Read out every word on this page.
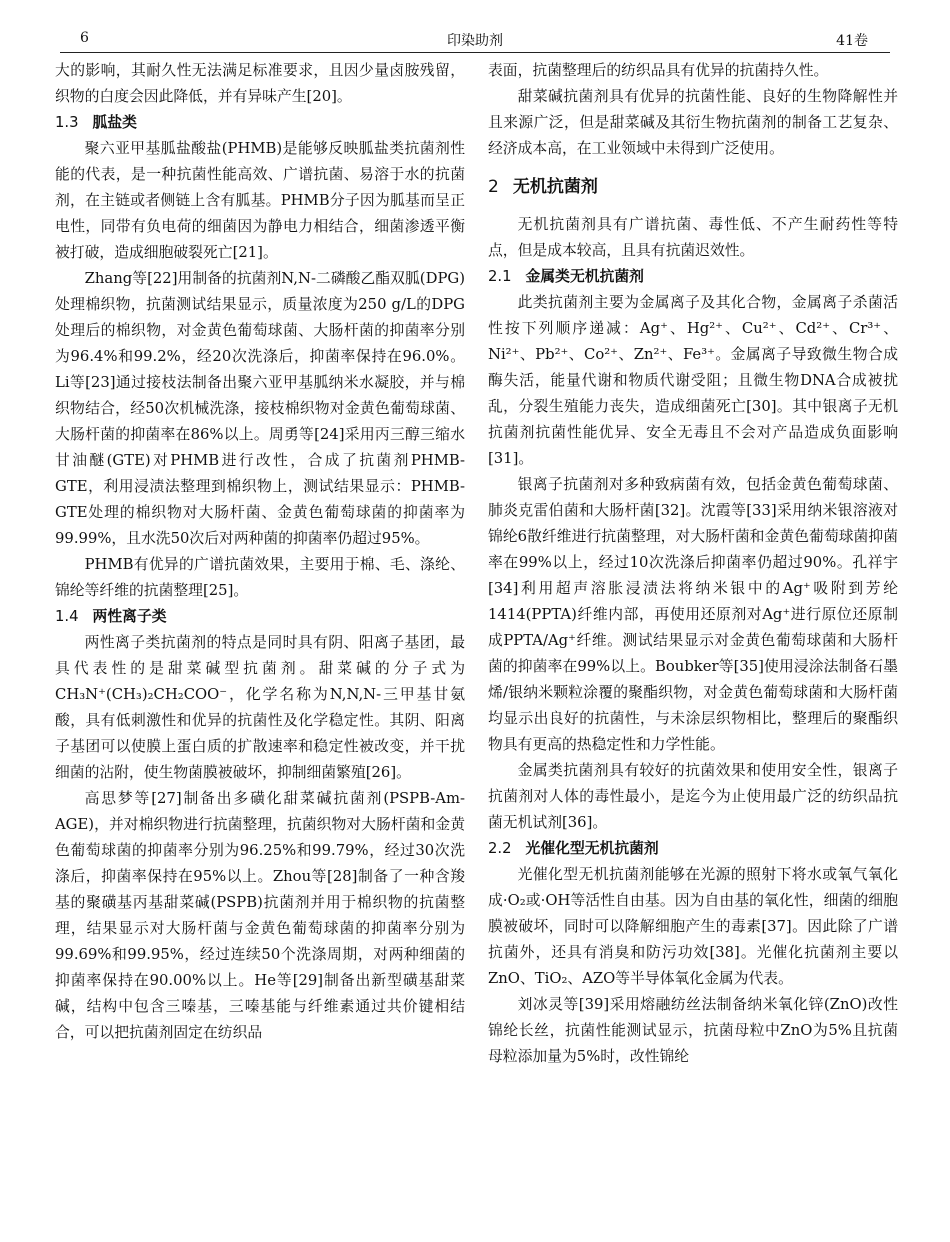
6	印染助剂	41卷

大的影响，其耐久性无法满足标准要求，且因少量卤胺残留，织物的白度会因此降低，并有异味产生[20]。

1.3 胍盐类

聚六亚甲基胍盐酸盐(PHMB)是能够反映胍盐类抗菌剂性能的代表，是一种抗菌性能高效、广谱抗菌、易溶于水的抗菌剂，在主链或者侧链上含有胍基。PHMB分子因为胍基而呈正电性，同带有负电荷的细菌因为静电力相结合，细菌渗透平衡被打破，造成细胞破裂死亡[21]。

Zhang等[22]用制备的抗菌剂N,N-二磷酸乙酯双胍(DPG)处理棉织物，抗菌测试结果显示，质量浓度为250 g/L的DPG处理后的棉织物，对金黄色葡萄球菌、大肠杆菌的抑菌率分别为96.4%和99.2%，经20次洗涤后，抑菌率保持在96.0%。Li等[23]通过接枝法制备出聚六亚甲基胍纳米水凝胶，并与棉织物结合，经50次机械洗涤，接枝棉织物对金黄色葡萄球菌、大肠杆菌的抑菌率在86%以上。周勇等[24]采用丙三醇三缩水甘油醚(GTE)对PHMB进行改性，合成了抗菌剂PHMB-GTE，利用浸渍法整理到棉织物上，测试结果显示：PHMB-GTE处理的棉织物对大肠杆菌、金黄色葡萄球菌的抑菌率为99.99%，且水洗50次后对两种菌的抑菌率仍超过95%。

PHMB有优异的广谱抗菌效果，主要用于棉、毛、涤纶、锦纶等纤维的抗菌整理[25]。

1.4 两性离子类

两性离子类抗菌剂的特点是同时具有阴、阳离子基团，最具代表性的是甜菜碱型抗菌剂。甜菜碱的分子式为CH₃N⁺(CH₃)₂CH₂COO⁻，化学名称为N,N,N-三甲基甘氨酸，具有低刺激性和优异的抗菌性及化学稳定性。其阴、阳离子基团可以使膜上蛋白质的扩散速率和稳定性被改变，并干扰细菌的沾附，使生物菌膜被破坏，抑制细菌繁殖[26]。

高思梦等[27]制备出多磺化甜菜碱抗菌剂(PSPB-Am-AGE)，并对棉织物进行抗菌整理，抗菌织物对大肠杆菌和金黄色葡萄球菌的抑菌率分别为96.25%和99.79%，经过30次洗涤后，抑菌率保持在95%以上。Zhou等[28]制备了一种含羧基的聚磺基丙基甜菜碱(PSPB)抗菌剂并用于棉织物的抗菌整理，结果显示对大肠杆菌与金黄色葡萄球菌的抑菌率分别为99.69%和99.95%，经过连续50个洗涤周期，对两种细菌的抑菌率保持在90.00%以上。He等[29]制备出新型磺基甜菜碱，结构中包含三嗪基，三嗪基能与纤维素通过共价键相结合，可以把抗菌剂固定在纺织品

表面，抗菌整理后的纺织品具有优异的抗菌持久性。

甜菜碱抗菌剂具有优异的抗菌性能、良好的生物降解性并且来源广泛，但是甜菜碱及其衍生物抗菌剂的制备工艺复杂、经济成本高，在工业领域中未得到广泛使用。

2 无机抗菌剂

无机抗菌剂具有广谱抗菌、毒性低、不产生耐药性等特点，但是成本较高，且具有抗菌迟效性。

2.1 金属类无机抗菌剂

此类抗菌剂主要为金属离子及其化合物，金属离子杀菌活性按下列顺序递减：Ag⁺、Hg²⁺、Cu²⁺、Cd²⁺、Cr³⁺、Ni²⁺、Pb²⁺、Co²⁺、Zn²⁺、Fe³⁺。金属离子导致微生物合成酶失活，能量代谢和物质代谢受阻；且微生物DNA合成被扰乱，分裂生殖能力丧失，造成细菌死亡[30]。其中银离子无机抗菌剂抗菌性能优异、安全无毒且不会对产品造成负面影响[31]。

银离子抗菌剂对多种致病菌有效，包括金黄色葡萄球菌、肺炎克雷伯菌和大肠杆菌[32]。沈霞等[33]采用纳米银溶液对锦纶6散纤维进行抗菌整理，对大肠杆菌和金黄色葡萄球菌抑菌率在99%以上，经过10次洗涤后抑菌率仍超过90%。孔祥宇[34]利用超声溶胀浸渍法将纳米银中的Ag⁺吸附到芳纶1414(PPTA)纤维内部，再使用还原剂对Ag⁺进行原位还原制成PPTA/Ag⁺纤维。测试结果显示对金黄色葡萄球菌和大肠杆菌的抑菌率在99%以上。Boubker等[35]使用浸涂法制备石墨烯/银纳米颗粒涂覆的聚酯织物，对金黄色葡萄球菌和大肠杆菌均显示出良好的抗菌性，与未涂层织物相比，整理后的聚酯织物具有更高的热稳定性和力学性能。

金属类抗菌剂具有较好的抗菌效果和使用安全性，银离子抗菌剂对人体的毒性最小，是迄今为止使用最广泛的纺织品抗菌无机试剂[36]。

2.2 光催化型无机抗菌剂

光催化型无机抗菌剂能够在光源的照射下将水或氧气氧化成·O₂或·OH等活性自由基。因为自由基的氧化性，细菌的细胞膜被破坏，同时可以降解细胞产生的毒素[37]。因此除了广谱抗菌外，还具有消臭和防污功效[38]。光催化抗菌剂主要以ZnO、TiO₂、AZO等半导体氧化金属为代表。

刘冰灵等[39]采用熔融纺丝法制备纳米氧化锌(ZnO)改性锦纶长丝，抗菌性能测试显示，抗菌母粒中ZnO为5%且抗菌母粒添加量为5%时，改性锦纶
